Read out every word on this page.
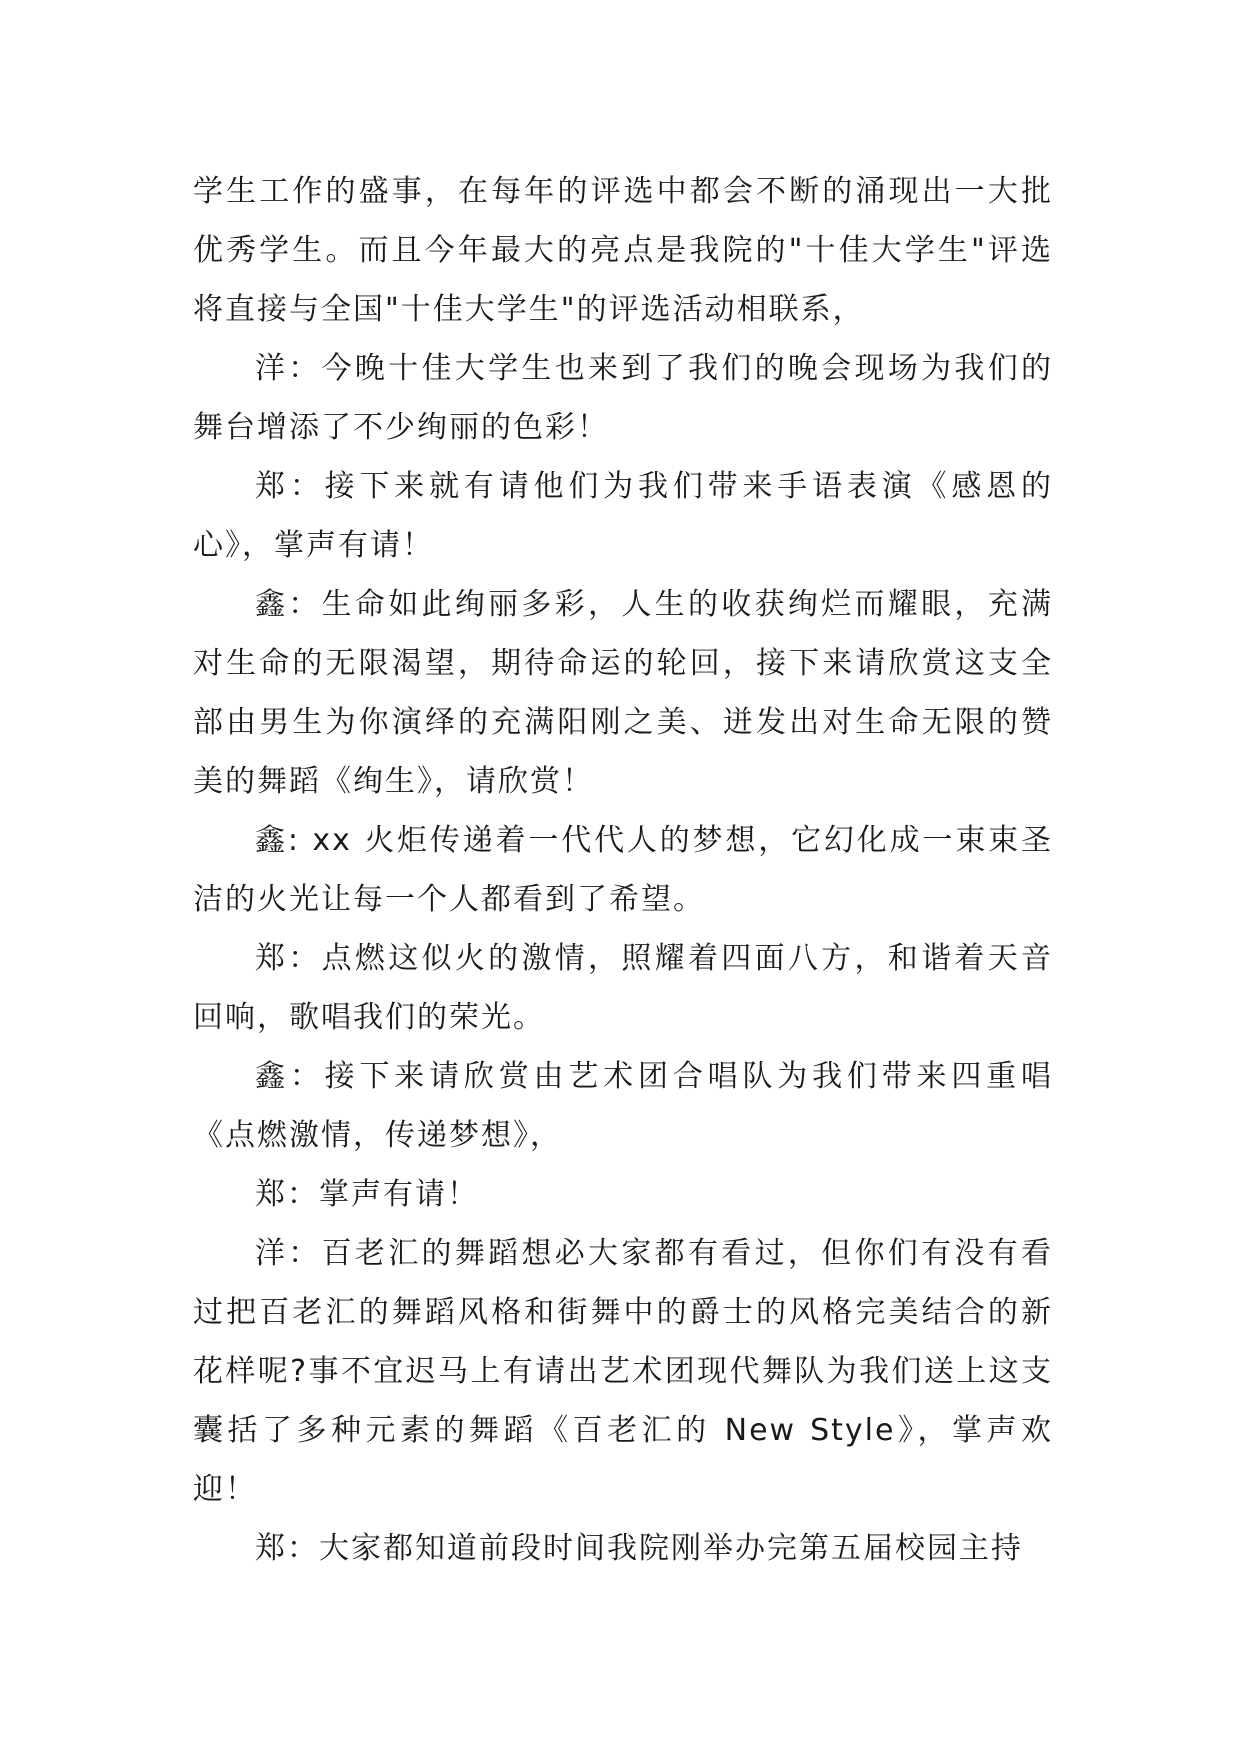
学生工作的盛事，在每年的评选中都会不断的涌现出一大批优秀学生。而且今年最大的亮点是我院的"十佳大学生"评选将直接与全国"十佳大学生"的评选活动相联系，

洋：今晚十佳大学生也来到了我们的晚会现场为我们的舞台增添了不少绚丽的色彩！

郑：接下来就有请他们为我们带来手语表演《感恩的心》，掌声有请！

鑫：生命如此绚丽多彩，人生的收获绚烂而耀眼，充满对生命的无限渴望，期待命运的轮回，接下来请欣赏这支全部由男生为你演绎的充满阳刚之美、迸发出对生命无限的赞美的舞蹈《绚生》，请欣赏！

鑫: xx 火炬传递着一代代人的梦想，它幻化成一束束圣洁的火光让每一个人都看到了希望。

郑：点燃这似火的激情，照耀着四面八方，和谐着天音回响，歌唱我们的荣光。

鑫：接下来请欣赏由艺术团合唱队为我们带来四重唱《点燃激情，传递梦想》，

郑：掌声有请！

洋：百老汇的舞蹈想必大家都有看过，但你们有没有看过把百老汇的舞蹈风格和街舞中的爵士的风格完美结合的新花样呢?事不宜迟马上有请出艺术团现代舞队为我们送上这支囊括了多种元素的舞蹈《百老汇的 New Style》，掌声欢迎！

郑：大家都知道前段时间我院刚举办完第五届校园主持
